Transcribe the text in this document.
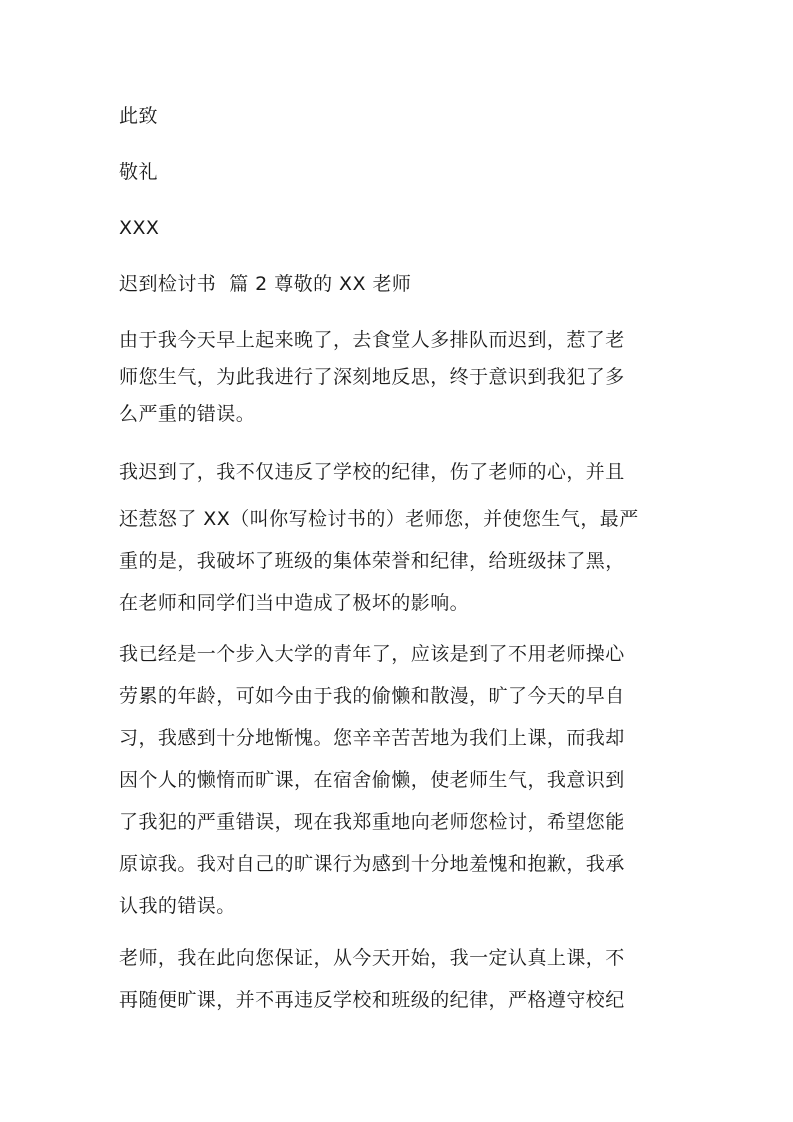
此致
敬礼
XXX
迟到检讨书  篇 2 尊敬的 XX 老师
由于我今天早上起来晚了，去食堂人多排队而迟到，惹了老
师您生气，为此我进行了深刻地反思，终于意识到我犯了多
么严重的错误。
我迟到了，我不仅违反了学校的纪律，伤了老师的心，并且
还惹怒了 XX（叫你写检讨书的）老师您，并使您生气，最严
重的是，我破坏了班级的集体荣誉和纪律，给班级抹了黑，
在老师和同学们当中造成了极坏的影响。
我已经是一个步入大学的青年了，应该是到了不用老师操心
劳累的年龄，可如今由于我的偷懒和散漫，旷了今天的早自
习，我感到十分地惭愧。您辛辛苦苦地为我们上课，而我却
因个人的懒惰而旷课，在宿舍偷懒，使老师生气，我意识到
了我犯的严重错误，现在我郑重地向老师您检讨，希望您能
原谅我。我对自己的旷课行为感到十分地羞愧和抱歉，我承
认我的错误。
老师，我在此向您保证，从今天开始，我一定认真上课，不
再随便旷课，并不再违反学校和班级的纪律，严格遵守校纪
